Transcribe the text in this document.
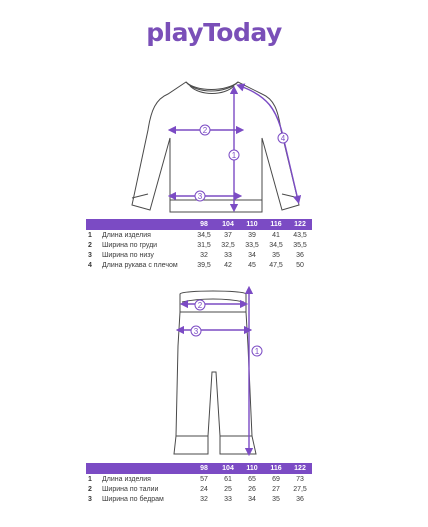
playToday
1
2
3
4
1
2
3
		98	104	110	116	122
1	Длина изделия	34,5	37	39	41	43,5
2	Ширина по груди	31,5	32,5	33,5	34,5	35,5
3	Ширина по низу	32	33	34	35	36
4	Длина рукава с плечом	39,5	42	45	47,5	50
		98	104	110	116	122
1	Длина изделия	57	61	65	69	73
2	Ширина по талии	24	25	26	27	27,5
3	Ширина по бедрам	32	33	34	35	36
